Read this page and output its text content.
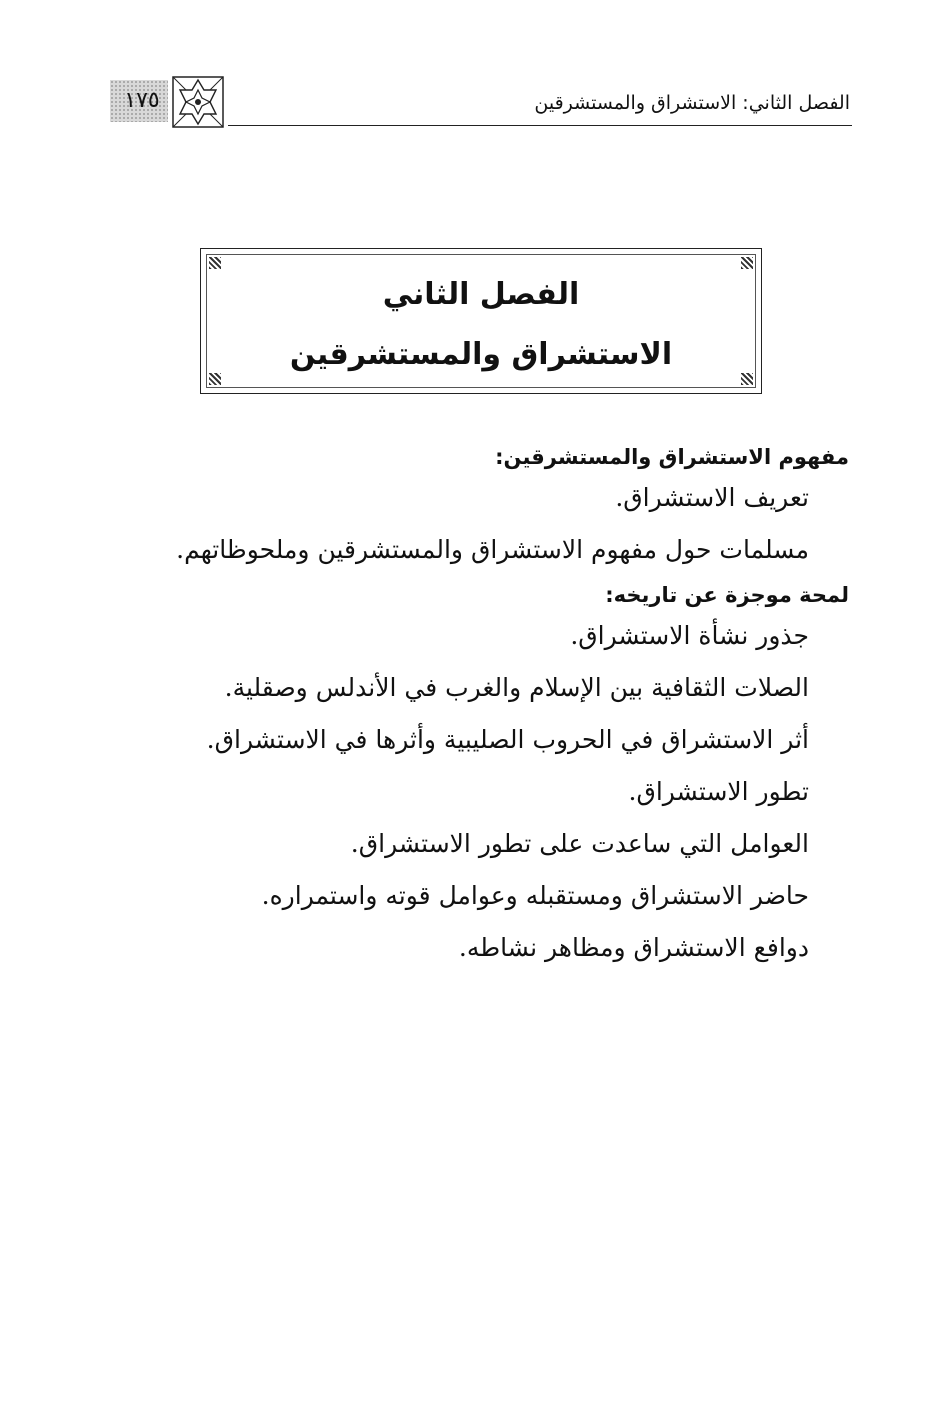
١٧٥	الفصل الثاني: الاستشراق والمستشرقين
الفصل الثاني
الاستشراق والمستشرقين

مفهوم الاستشراق والمستشرقين:

تعريف الاستشراق.

مسلمات حول مفهوم الاستشراق والمستشرقين وملحوظاتهم.

لمحة موجزة عن تاريخه:

جذور نشأة الاستشراق.

الصلات الثقافية بين الإسلام والغرب في الأندلس وصقلية.

أثر الاستشراق في الحروب الصليبية وأثرها في الاستشراق.

تطور الاستشراق.

العوامل التي ساعدت على تطور الاستشراق.

حاضر الاستشراق ومستقبله وعوامل قوته واستمراره.

دوافع الاستشراق ومظاهر نشاطه.
